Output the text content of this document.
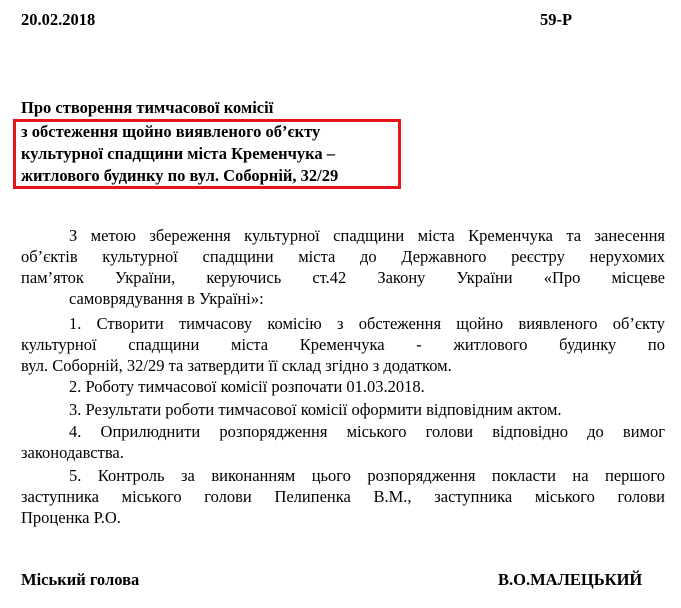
20.02.2018	59-Р
Про створення тимчасової комісії
з обстеження щойно виявленого об’єкту
культурної спадщини міста Кременчука –
житлового будинку по вул. Соборній, 32/29
З метою збереження культурної спадщини міста Кременчука та занесення
об’єктів культурної спадщини міста до Державного реєстру нерухомих
пам’яток України, керуючись ст.42 Закону України «Про місцеве
самоврядування в Україні»:
1. Створити тимчасову комісію з обстеження щойно виявленого об’єкту
культурної спадщини міста Кременчука - житлового будинку по
вул. Соборній, 32/29 та затвердити її склад згідно з додатком.
2. Роботу тимчасової комісії розпочати 01.03.2018.
3. Результати роботи тимчасової комісії оформити відповідним актом.
4. Оприлюднити розпорядження міського голови відповідно до вимог
законодавства.
5. Контроль за виконанням цього розпорядження покласти на першого
заступника міського голови Пелипенка В.М., заступника міського голови
Проценка Р.О.
Міський голова	В.О.МАЛЕЦЬКИЙ
